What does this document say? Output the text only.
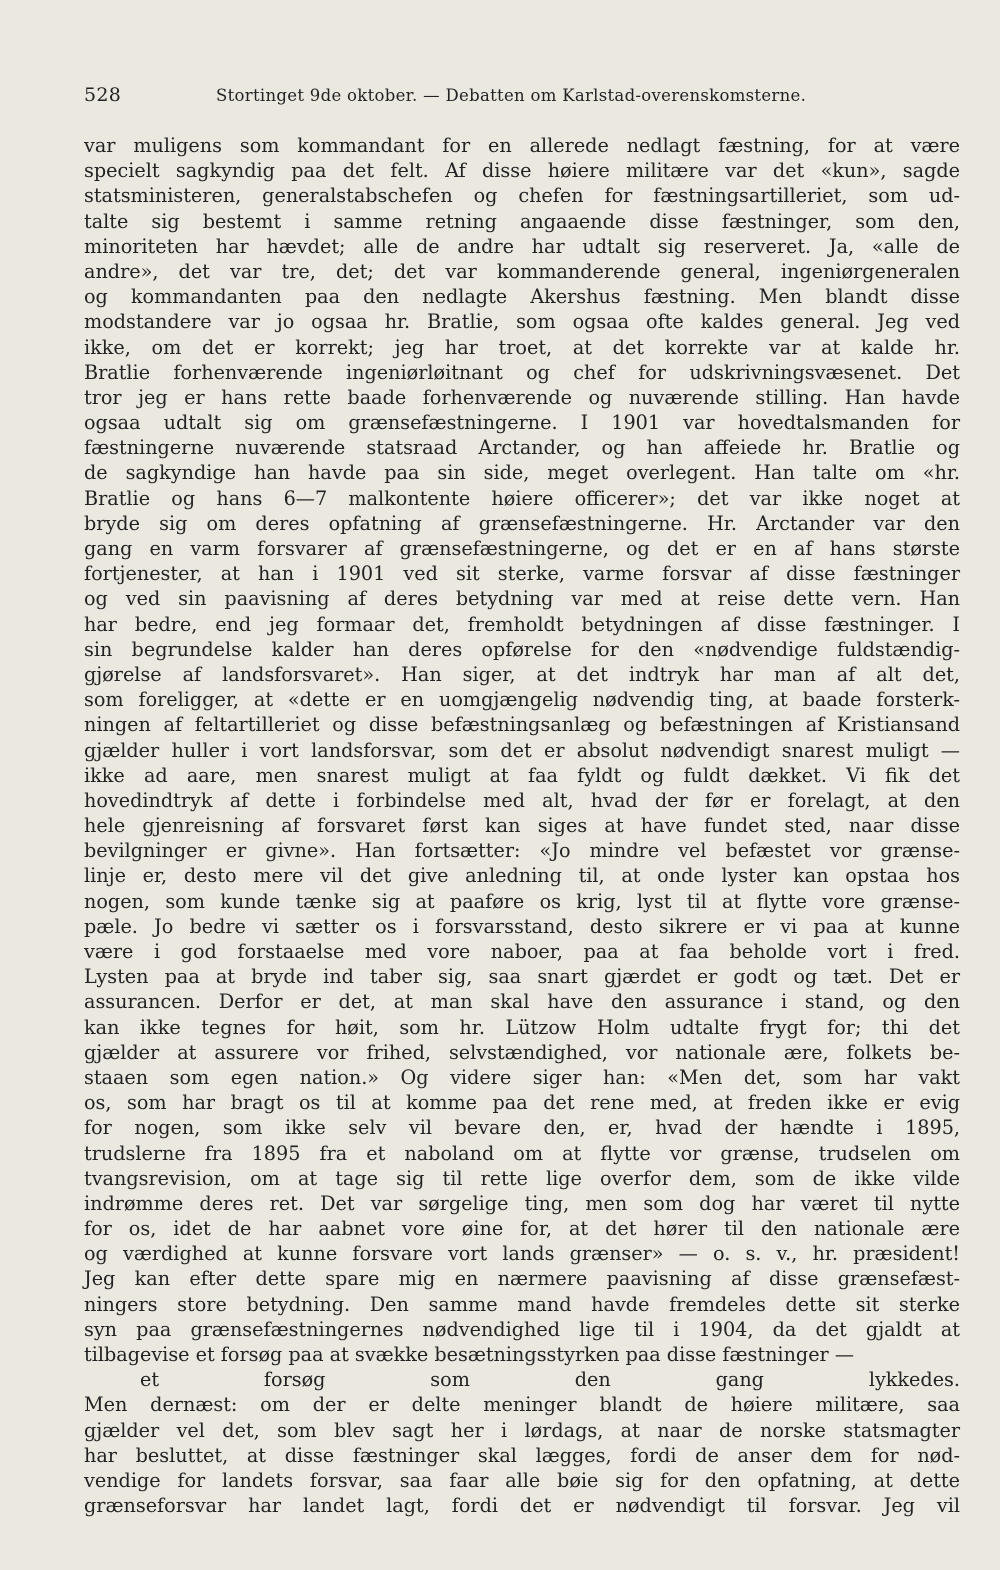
528	Stortinget 9de oktober. — Debatten om Karlstad-overenskomsterne.
var muligens som kommandant for en allerede nedlagt fæstning, for at være
specielt sagkyndig paa det felt. Af disse høiere militære var det «kun», sagde
statsministeren, generalstabschefen og chefen for fæstningsartilleriet, som ud-
talte sig bestemt i samme retning angaaende disse fæstninger, som den,
minoriteten har hævdet; alle de andre har udtalt sig reserveret. Ja, «alle de
andre», det var tre, det; det var kommanderende general, ingeniørgeneralen
og kommandanten paa den nedlagte Akershus fæstning. Men blandt disse
modstandere var jo ogsaa hr. Bratlie, som ogsaa ofte kaldes general. Jeg ved
ikke, om det er korrekt; jeg har troet, at det korrekte var at kalde hr.
Bratlie forhenværende ingeniørløitnant og chef for udskrivningsvæsenet. Det
tror jeg er hans rette baade forhenværende og nuværende stilling. Han havde
ogsaa udtalt sig om grænsefæstningerne. I 1901 var hovedtalsmanden for
fæstningerne nuværende statsraad Arctander, og han affeiede hr. Bratlie og
de sagkyndige han havde paa sin side, meget overlegent. Han talte om «hr.
Bratlie og hans 6—7 malkontente høiere officerer»; det var ikke noget at
bryde sig om deres opfatning af grænsefæstningerne. Hr. Arctander var den
gang en varm forsvarer af grænsefæstningerne, og det er en af hans største
fortjenester, at han i 1901 ved sit sterke, varme forsvar af disse fæstninger
og ved sin paavisning af deres betydning var med at reise dette vern. Han
har bedre, end jeg formaar det, fremholdt betydningen af disse fæstninger. I
sin begrundelse kalder han deres opførelse for den «nødvendige fuldstændig-
gjørelse af landsforsvaret». Han siger, at det indtryk har man af alt det,
som foreligger, at «dette er en uomgjængelig nødvendig ting, at baade forsterk-
ningen af feltartilleriet og disse befæstningsanlæg og befæstningen af Kristiansand
gjælder huller i vort landsforsvar, som det er absolut nødvendigt snarest muligt —
ikke ad aare, men snarest muligt at faa fyldt og fuldt dækket. Vi fik det
hovedindtryk af dette i forbindelse med alt, hvad der før er forelagt, at den
hele gjenreisning af forsvaret først kan siges at have fundet sted, naar disse
bevilgninger er givne». Han fortsætter: «Jo mindre vel befæstet vor grænse-
linje er, desto mere vil det give anledning til, at onde lyster kan opstaa hos
nogen, som kunde tænke sig at paaføre os krig, lyst til at flytte vore grænse-
pæle. Jo bedre vi sætter os i forsvarsstand, desto sikrere er vi paa at kunne
være i god forstaaelse med vore naboer, paa at faa beholde vort i fred.
Lysten paa at bryde ind taber sig, saa snart gjærdet er godt og tæt. Det er
assurancen. Derfor er det, at man skal have den assurance i stand, og den
kan ikke tegnes for høit, som hr. Lützow Holm udtalte frygt for; thi det
gjælder at assurere vor frihed, selvstændighed, vor nationale ære, folkets be-
staaen som egen nation.» Og videre siger han: «Men det, som har vakt
os, som har bragt os til at komme paa det rene med, at freden ikke er evig
for nogen, som ikke selv vil bevare den, er, hvad der hændte i 1895,
trudslerne fra 1895 fra et naboland om at flytte vor grænse, trudselen om
tvangsrevision, om at tage sig til rette lige overfor dem, som de ikke vilde
indrømme deres ret. Det var sørgelige ting, men som dog har været til nytte
for os, idet de har aabnet vore øine for, at det hører til den nationale ære
og værdighed at kunne forsvare vort lands grænser» — o. s. v., hr. præsident!
Jeg kan efter dette spare mig en nærmere paavisning af disse grænsefæst-
ningers store betydning. Den samme mand havde fremdeles dette sit sterke
syn paa grænsefæstningernes nødvendighed lige til i 1904, da det gjaldt at
tilbagevise et forsøg paa at svække besætningsstyrken paa disse fæstninger —
et forsøg som den gang lykkedes.
Men dernæst: om der er delte meninger blandt de høiere militære, saa
gjælder vel det, som blev sagt her i lørdags, at naar de norske statsmagter
har besluttet, at disse fæstninger skal lægges, fordi de anser dem for nød-
vendige for landets forsvar, saa faar alle bøie sig for den opfatning, at dette
grænseforsvar har landet lagt, fordi det er nødvendigt til forsvar. Jeg vil
